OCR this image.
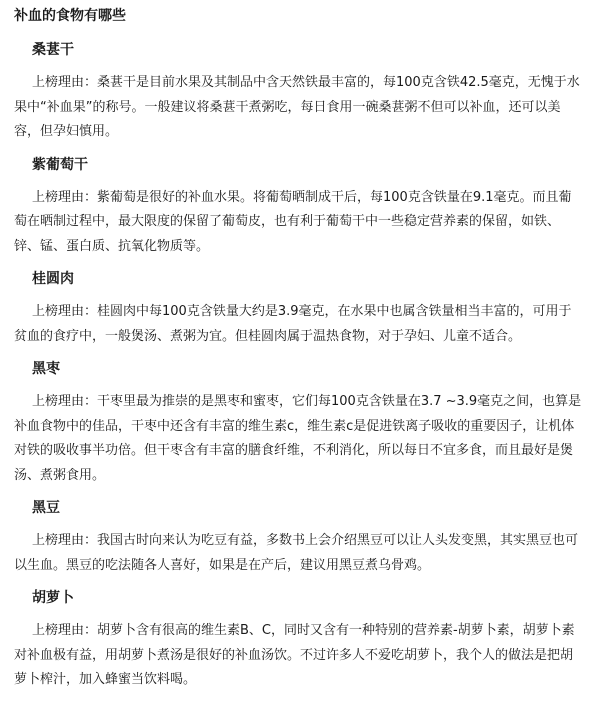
补血的食物有哪些
桑葚干
上榜理由：桑葚干是目前水果及其制品中含天然铁最丰富的，每100克含铁42.5毫克，无愧于水果中“补血果”的称号。一般建议将桑葚干煮粥吃，每日食用一碗桑葚粥不但可以补血，还可以美容，但孕妇慎用。
紫葡萄干
上榜理由：紫葡萄是很好的补血水果。将葡萄晒制成干后，每100克含铁量在9.1毫克。而且葡萄在晒制过程中，最大限度的保留了葡萄皮，也有利于葡萄干中一些稳定营养素的保留，如铁、锌、锰、蛋白质、抗氧化物质等。
桂圆肉
上榜理由：桂圆肉中每100克含铁量大约是3.9毫克，在水果中也属含铁量相当丰富的，可用于贫血的食疗中，一般煲汤、煮粥为宜。但桂圆肉属于温热食物，对于孕妇、儿童不适合。
黑枣
上榜理由：干枣里最为推崇的是黑枣和蜜枣，它们每100克含铁量在3.7 ~3.9毫克之间，也算是补血食物中的佳品，干枣中还含有丰富的维生素c，维生素c是促进铁离子吸收的重要因子，让机体对铁的吸收事半功倍。但干枣含有丰富的膳食纤维，不利消化，所以每日不宜多食，而且最好是煲汤、煮粥食用。
黑豆
上榜理由：我国古时向来认为吃豆有益，多数书上会介绍黑豆可以让人头发变黑，其实黑豆也可以生血。黑豆的吃法随各人喜好，如果是在产后，建议用黑豆煮乌骨鸡。
胡萝卜
上榜理由：胡萝卜含有很高的维生素B、C，同时又含有一种特别的营养素-胡萝卜素，胡萝卜素对补血极有益，用胡萝卜煮汤是很好的补血汤饮。不过许多人不爱吃胡萝卜，我个人的做法是把胡萝卜榨汁，加入蜂蜜当饮料喝。
